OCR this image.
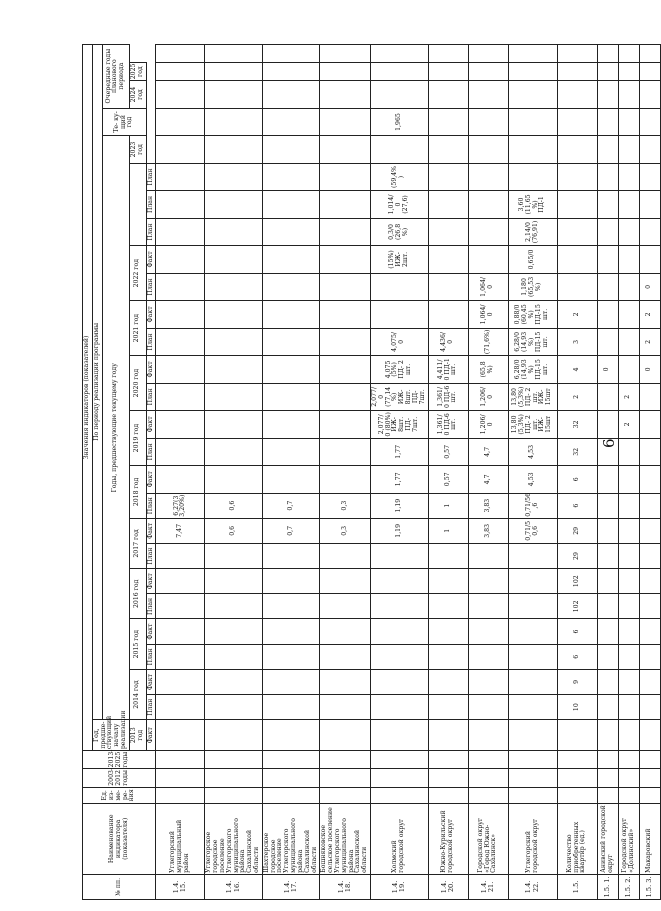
6
№ пп.	Наименование индикатора (показателя)	Ед. из- ме- ре- ния	2003- 2012 годы	2013- 2025 годы	Значения индикаторов (показателей)																										
					Год, предше- ствующий началу реализации	По периоду реализации программы																									
						Годы, предшествующие текущему году																						Те- ку- щий год	Очередные годы планового периода		
					2013 год	2014 год		2015 год		2016 год		2017 год		2018 год		2019 год		2020 год		2021 год		2022 год					2023 год		2024 год	2025 год	
					Факт	План	Факт	План	Факт	План	Факт	План	Факт	План	Факт	План	Факт	План	Факт	План	Факт	План	Факт	План	План	План					
1.4. 15.	Углегорский муниципальный район												7,47	6,27(3 3,20%)																	
1.4. 16.	Углегорское городское поселение Углегорского муниципального района Сахалинской области												0,6	0,6																	
1.4. 17.	Шахтерское городское поселение Углегорского муниципального района Сахалинской области												0,7	0,7																	
1.4. 18.	Бошняковское сельское поселение Углегорского муниципального района Сахалинской области												0,3	0,3																	
1.4. 19.	Холмский городской округ												1,19	1,19	1,77	1,77	2,077/ 0 (80%) ИЖ- 8шт. ПД- 7шт.	2,077/ 0 (77,14 %) ИЖ- 8шт. ПД- 7шт.	4,075 (5%) ПД- 2 шт.	4,075/ 0			(15%) ИЖ- 2шт.	0,3/0 (26,8 %)	1,014/ 0 (27,6)	(59,4% )		1,965			
1.4. 20.	Южно-Курильский городской округ												1	1	0,57	0,57	1,361/ 0 ПД-6 шт.	1,361/ 0 ПД-6 шт.	4,411/ 0 ПД-1 шт.	4,436/ 0											
1.4. 21.	Городской округ «Город Южно-Сахалинск»												3,83	3,83	4,7	4,7	1,206/ 0	1,206/ 0	(65,8 %)	(71,6%)	1,064/ 0	1,064/ 0									
1.4. 22.	Углегорский городской округ												0,71/5 0,6	0,71/56 ,6	4,53	4,53	13,80 (5,3%) ПД- 2 шт. ИЖ- 15шт	13,80 (5,3%) ПД- 2 шт. ИЖ- 15шт	6,28/0 (14,93 %) ПД-15 шт.	6,28/0 (14,93 %) ПД-15 шт.	0,88/0 (60,45 %) ПД-15 шт.	1,180 (65,53 %)	0,65/0	2,14/0 (76,91)	3,60 (11,65 %) ПД-1						
1.5.	Количество приобретенных квартир (ед.)					10	9	6	6	102	102	29	29	6	6	32	32	2	4	3	2										
1.5. 1.	Анивский городской округ																		0												
1.5. 2.	Городской округ «Долинский»																2	2													
1.5. 3.	Макаровский																		0	2	2	0									
